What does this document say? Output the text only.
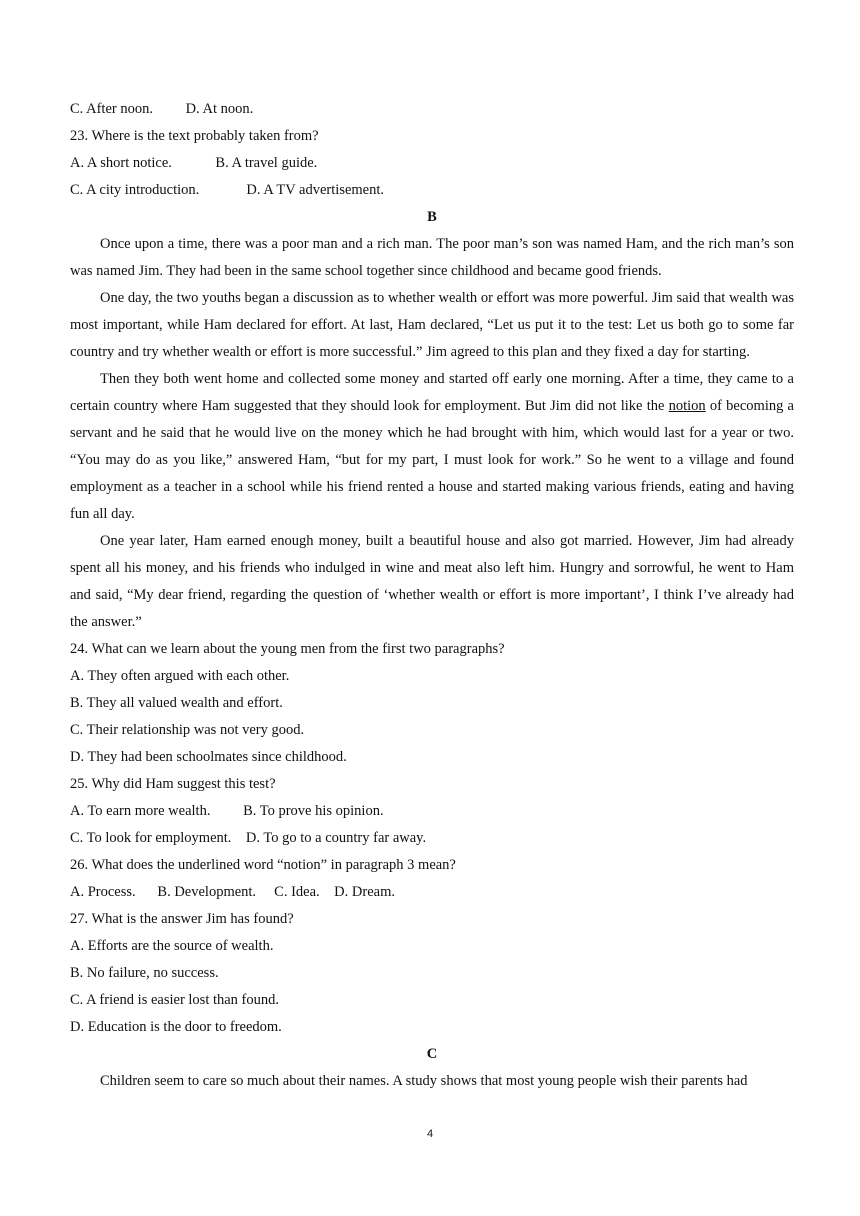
C. After noon.         D. At noon.
23. Where is the text probably taken from?
A. A short notice.            B. A travel guide.
C. A city introduction.             D. A TV advertisement.
B
Once upon a time, there was a poor man and a rich man. The poor man’s son was named Ham, and the rich man’s son was named Jim. They had been in the same school together since childhood and became good friends.
One day, the two youths began a discussion as to whether wealth or effort was more powerful. Jim said that wealth was most important, while Ham declared for effort. At last, Ham declared, “Let us put it to the test: Let us both go to some far country and try whether wealth or effort is more successful.” Jim agreed to this plan and they fixed a day for starting.
Then they both went home and collected some money and started off early one morning. After a time, they came to a certain country where Ham suggested that they should look for employment. But Jim did not like the notion of becoming a servant and he said that he would live on the money which he had brought with him, which would last for a year or two. “You may do as you like,” answered Ham, “but for my part, I must look for work.” So he went to a village and found employment as a teacher in a school while his friend rented a house and started making various friends, eating and having fun all day.
One year later, Ham earned enough money, built a beautiful house and also got married. However, Jim had already spent all his money, and his friends who indulged in wine and meat also left him. Hungry and sorrowful, he went to Ham and said, “My dear friend, regarding the question of ‘whether wealth or effort is more important’, I think I’ve already had the answer.”
24. What can we learn about the young men from the first two paragraphs?
A. They often argued with each other.
B. They all valued wealth and effort.
C. Their relationship was not very good.
D. They had been schoolmates since childhood.
25. Why did Ham suggest this test?
A. To earn more wealth.         B. To prove his opinion.
C. To look for employment.    D. To go to a country far away.
26. What does the underlined word “notion” in paragraph 3 mean?
A. Process.      B. Development.     C. Idea.    D. Dream.
27. What is the answer Jim has found?
A. Efforts are the source of wealth.
B. No failure, no success.
C. A friend is easier lost than found.
D. Education is the door to freedom.
C
Children seem to care so much about their names. A study shows that most young people wish their parents had
4
